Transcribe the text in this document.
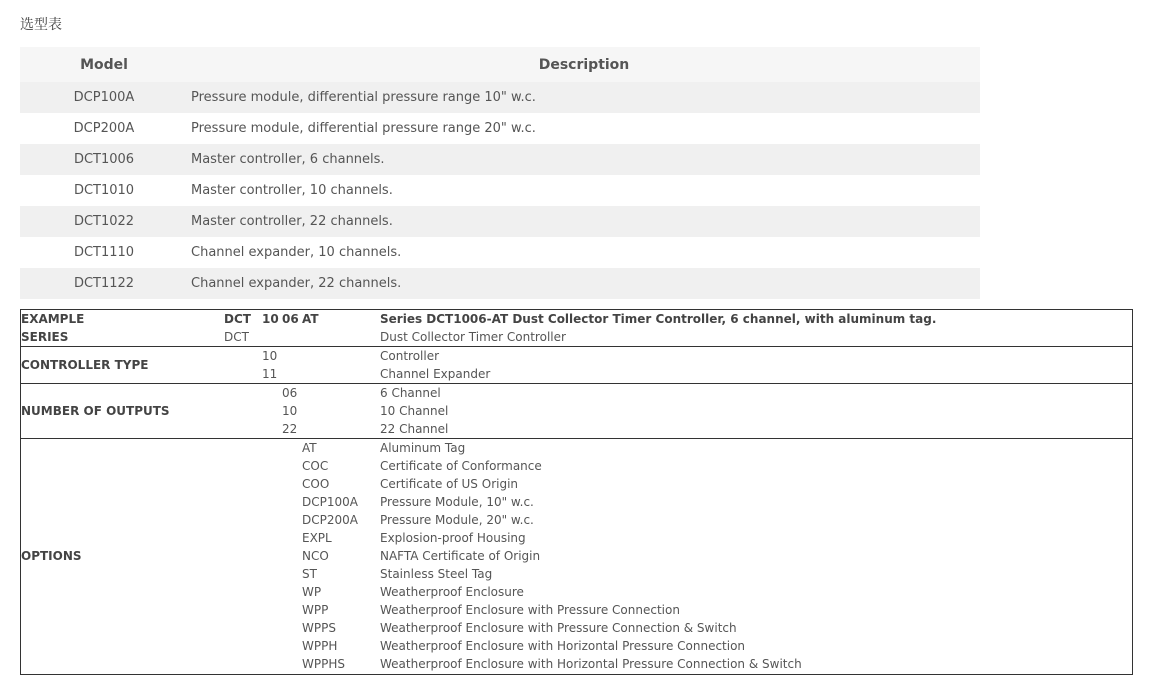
选型表
Model	Description
DCP100A	Pressure module, differential pressure range 10" w.c.
DCP200A	Pressure module, differential pressure range 20" w.c.
DCT1006	Master controller, 6 channels.
DCT1010	Master controller, 10 channels.
DCT1022	Master controller, 22 channels.
DCT1110	Channel expander, 10 channels.
DCT1122	Channel expander, 22 channels.
EXAMPLE	DCT 10 06 AT	Series DCT1006-AT Dust Collector Timer Controller, 6 channel, with aluminum tag.
SERIES	DCT	Dust Collector Timer Controller
CONTROLLER TYPE
10	Controller
11	Channel Expander
NUMBER OF OUTPUTS
06	6 Channel
10	10 Channel
22	22 Channel
OPTIONS
AT	Aluminum Tag
COC	Certificate of Conformance
COO	Certificate of US Origin
DCP100A Pressure Module, 10" w.c.
DCP200A Pressure Module, 20" w.c.
EXPL	Explosion-proof Housing
NCO	NAFTA Certificate of Origin
ST	Stainless Steel Tag
WP	Weatherproof Enclosure
WPP	Weatherproof Enclosure with Pressure Connection
WPPS	Weatherproof Enclosure with Pressure Connection & Switch
WPPH	Weatherproof Enclosure with Horizontal Pressure Connection
WPPHS	Weatherproof Enclosure with Horizontal Pressure Connection & Switch
